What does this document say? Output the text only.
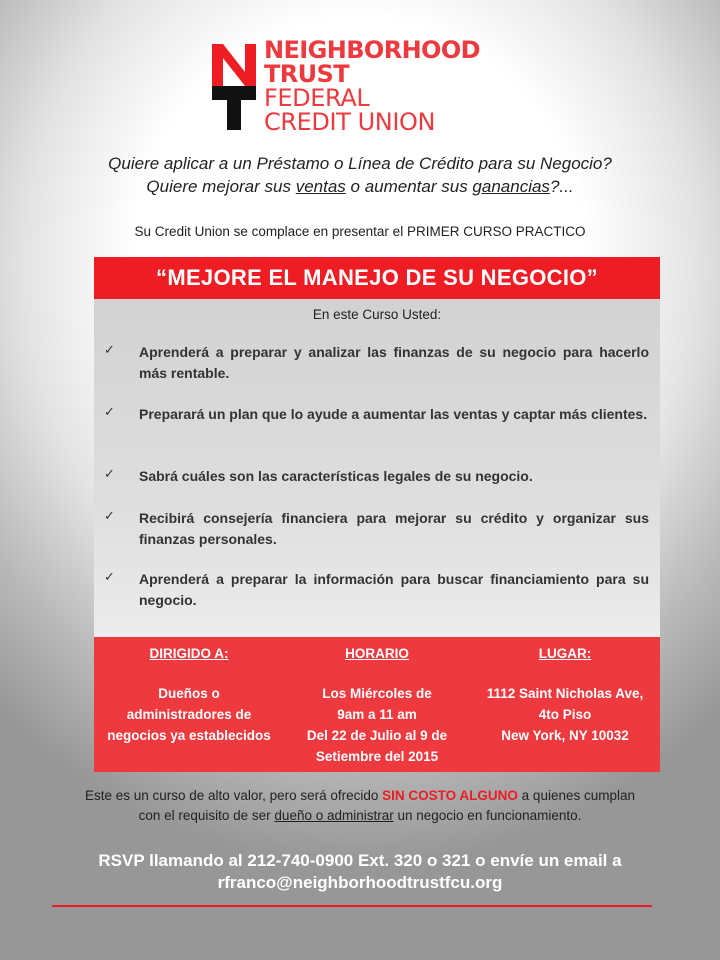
NEIGHBORHOOD
TRUST
FEDERAL
CREDIT UNION
Quiere aplicar a un Préstamo o Línea de Crédito para su Negocio?
Quiere mejorar sus ventas o aumentar sus ganancias?...
Su Credit Union se complace en presentar el PRIMER CURSO PRACTICO
“MEJORE EL MANEJO DE SU NEGOCIO”
En este Curso Usted:
✓ Aprenderá a preparar y analizar las finanzas de su negocio para hacerlo más rentable.
✓ Preparará un plan que lo ayude a aumentar las ventas y captar más clientes.
✓ Sabrá cuáles son las características legales de su negocio.
✓ Recibirá consejería financiera para mejorar su crédito y organizar sus finanzas personales.
✓ Aprenderá a preparar la información para buscar financiamiento para su negocio.
DIRIGIDO A:
Dueños o
administradores de
negocios ya establecidos
HORARIO
Los Miércoles de
9am a 11 am
Del 22 de Julio al 9 de
Setiembre del 2015
LUGAR:
1112 Saint Nicholas Ave,
4to Piso
New York, NY 10032
Este es un curso de alto valor, pero será ofrecido SIN COSTO ALGUNO a quienes cumplan
con el requisito de ser dueño o administrar un negocio en funcionamiento.
RSVP llamando al 212-740-0900 Ext. 320 o 321 o envíe un email a
rfranco@neighborhoodtrustfcu.org
